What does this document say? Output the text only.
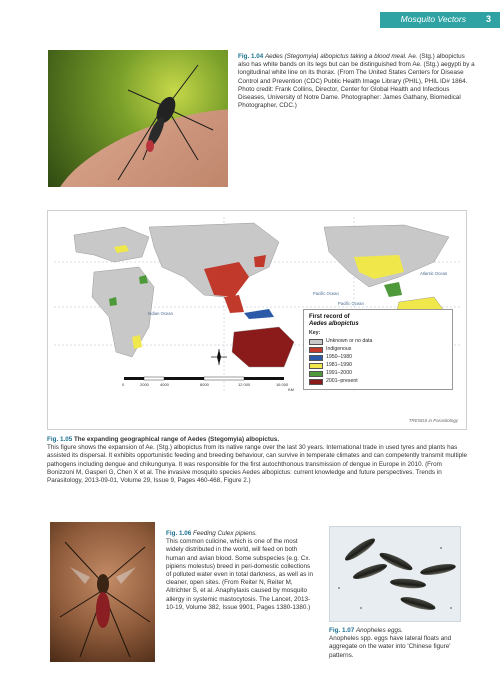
Mosquito Vectors 3
Fig. 1.04 Aedes (Stegomyia) albopictus taking a blood meal. Ae. (Stg.) albopictus also has white bands on its legs but can be distinguished from Ae. (Stg.) aegypti by a longitudinal white line on its thorax. (From The United States Centers for Disease Control and Prevention (CDC) Public Health Image Library (PHIL), PHIL ID# 1864. Photo credit: Frank Collins, Director, Center for Global Health and Infectious Diseases, University of Notre Dame. Photographer: James Gathany, Biomedical Photographer, CDC.)
Pacific Ocean
Pacific Ocean
Indian Ocean
Atlantic Ocean
0	2000	4000	8000	12 000	16 000
KM
First record of
Aedes albopictus
Key:
Unknown or no data
Indigenous
1950–1980
1981–1990
1991–2000
2001–present
TRENDS in Parasitology
Fig. 1.05 The expanding geographical range of Aedes (Stegomyia) albopictus.
This figure shows the expansion of Ae. (Stg.) albopictus from its native range over the last 30 years. International trade in used tyres and plants has assisted its dispersal. It exhibits opportunistic feeding and breeding behaviour, can survive in temperate climates and can competently transmit multiple pathogens including dengue and chikungunya. It was responsible for the first autochthonous transmission of dengue in Europe in 2010. (From Bonizzoni M, Gasperi G, Chen X et al. The invasive mosquito species Aedes albopictus: current knowledge and future perspectives. Trends in Parasitology, 2013-09-01, Volume 29, Issue 9, Pages 460-468, Figure 2.)
Fig. 1.06 Feeding Culex pipiens.
This common culicine, which is one of the most widely distributed in the world, will feed on both human and avian blood. Some subspecies (e.g. Cx. pipiens molestus) breed in peri-domestic collections of polluted water even in total darkness, as well as in cleaner, open sites. (From Reiter N, Reiter M, Altrichter S, et al. Anaphylaxis caused by mosquito allergy in systemic mastocytosis. The Lancet, 2013-10-19, Volume 382, Issue 9901, Pages 1380-1380.)
Fig. 1.07 Anopheles eggs.
Anopheles spp. eggs have lateral floats and aggregate on the water into 'Chinese figure' patterns.
